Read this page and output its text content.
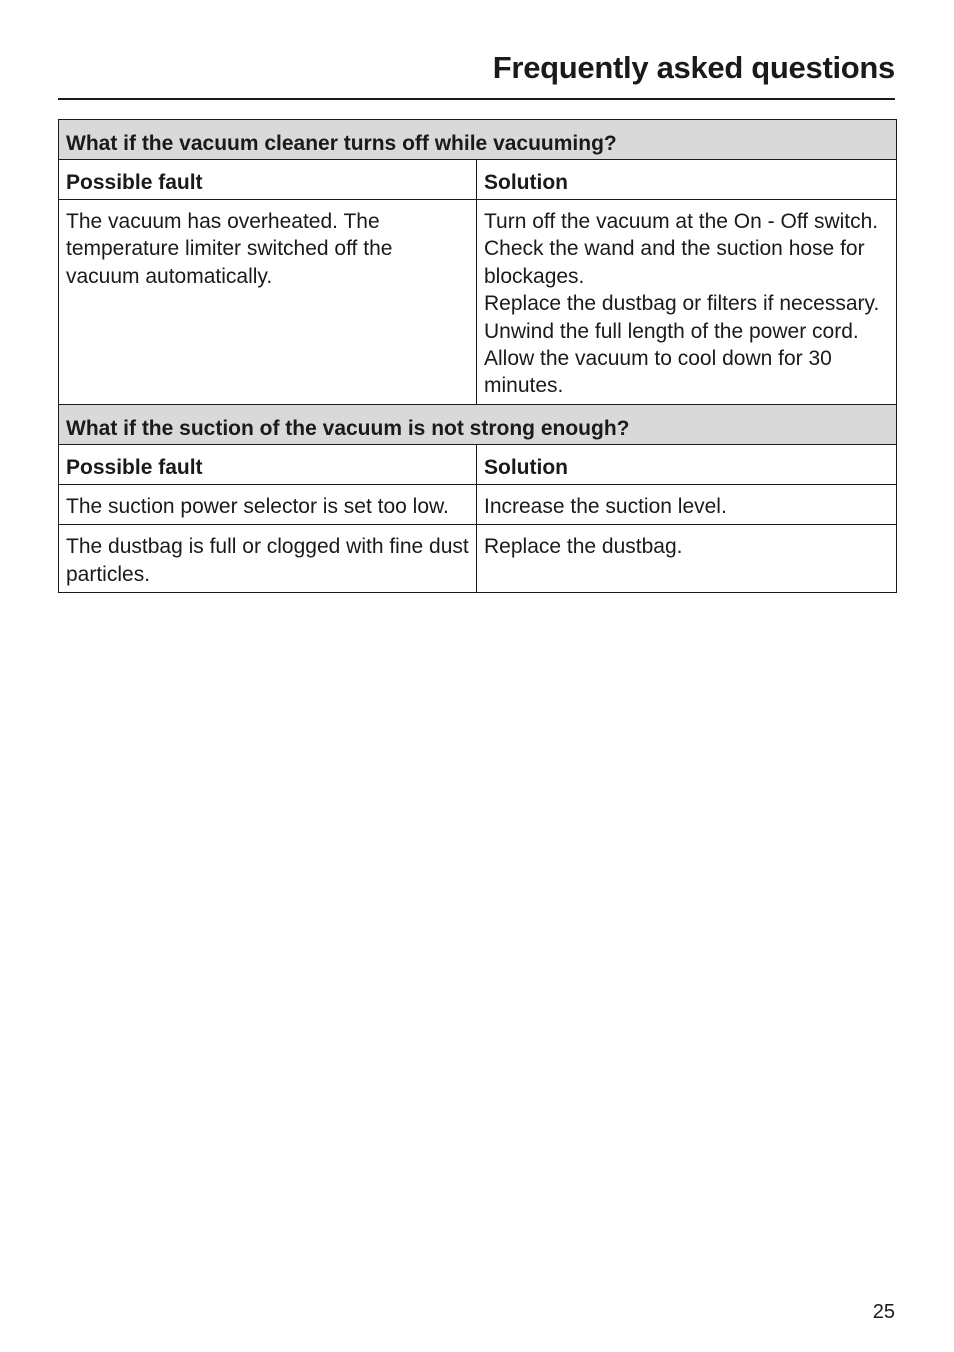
Frequently asked questions
What if the vacuum cleaner turns off while vacuuming?	
Possible fault	Solution
The vacuum has overheated. The temperature limiter switched off the vacuum automatically.	Turn off the vacuum at the On - Off switch.
Check the wand and the suction hose for blockages.
Replace the dustbag or filters if necessary.
Unwind the full length of the power cord.
Allow the vacuum to cool down for 30 minutes.

What if the suction of the vacuum is not strong enough?	
Possible fault	Solution
The suction power selector is set too low.	Increase the suction level.

The dustbag is full or clogged with fine dust particles.	Replace the dustbag.
25
